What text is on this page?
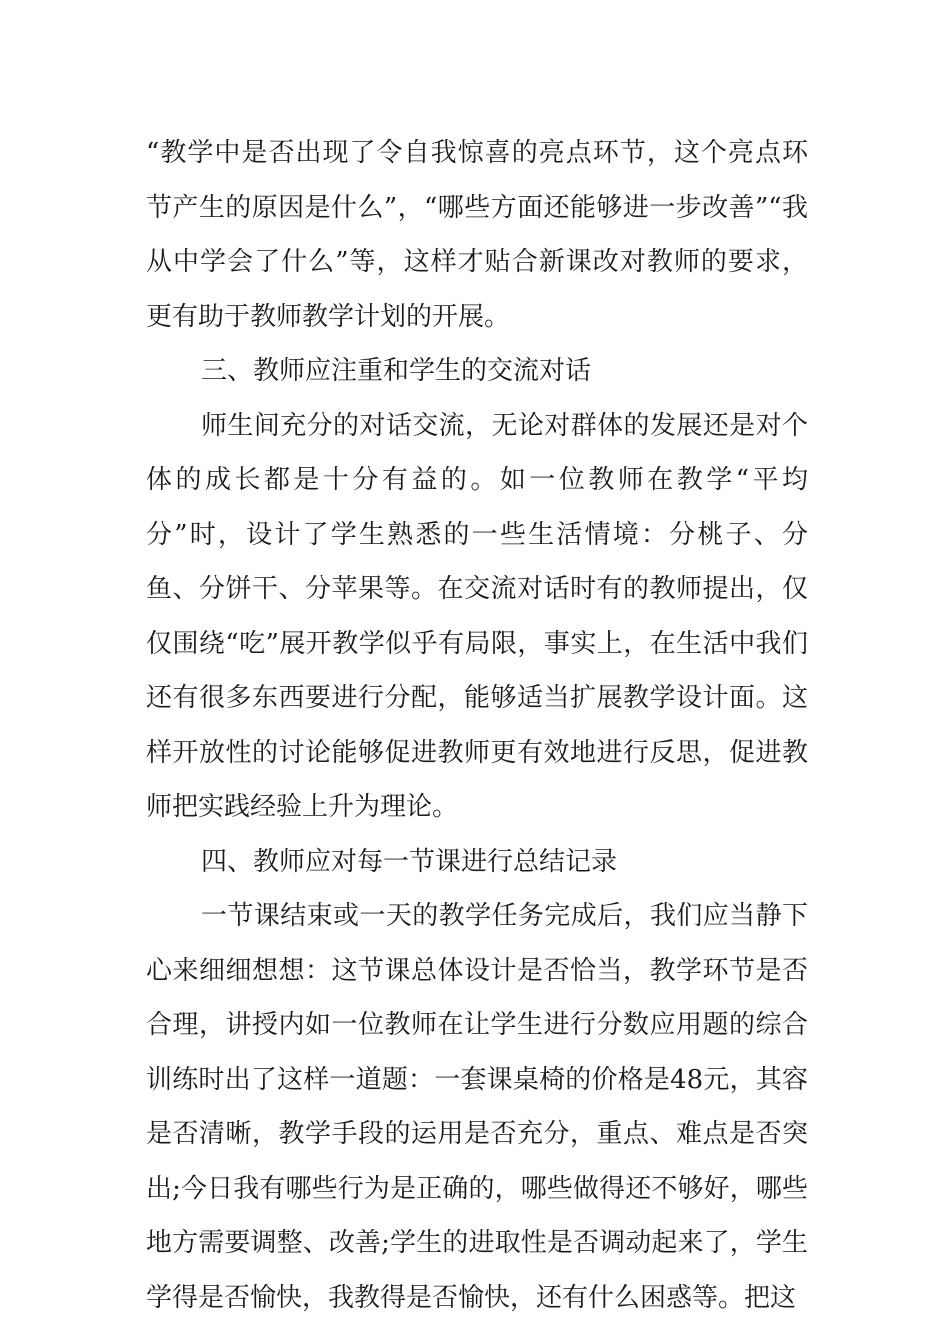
“教学中是否出现了令自我惊喜的亮点环节，这个亮点环节产生的原因是什么”，“哪些方面还能够进一步改善”“我从中学会了什么”等，这样才贴合新课改对教师的要求，更有助于教师教学计划的开展。

三、教师应注重和学生的交流对话

师生间充分的对话交流，无论对群体的发展还是对个体的成长都是十分有益的。如一位教师在教学“平均分”时，设计了学生熟悉的一些生活情境：分桃子、分鱼、分饼干、分苹果等。在交流对话时有的教师提出，仅仅围绕“吃”展开教学似乎有局限，事实上，在生活中我们还有很多东西要进行分配，能够适当扩展教学设计面。这样开放性的讨论能够促进教师更有效地进行反思，促进教师把实践经验上升为理论。

四、教师应对每一节课进行总结记录

一节课结束或一天的教学任务完成后，我们应当静下心来细细想想：这节课总体设计是否恰当，教学环节是否合理，讲授内如一位教师在让学生进行分数应用题的综合训练时出了这样一道题：一套课桌椅的价格是48元，其容是否清晰，教学手段的运用是否充分，重点、难点是否突出;今日我有哪些行为是正确的，哪些做得还不够好，哪些地方需要调整、改善;学生的进取性是否调动起来了，学生学得是否愉快，我教得是否愉快，还有什么困惑等。把这
